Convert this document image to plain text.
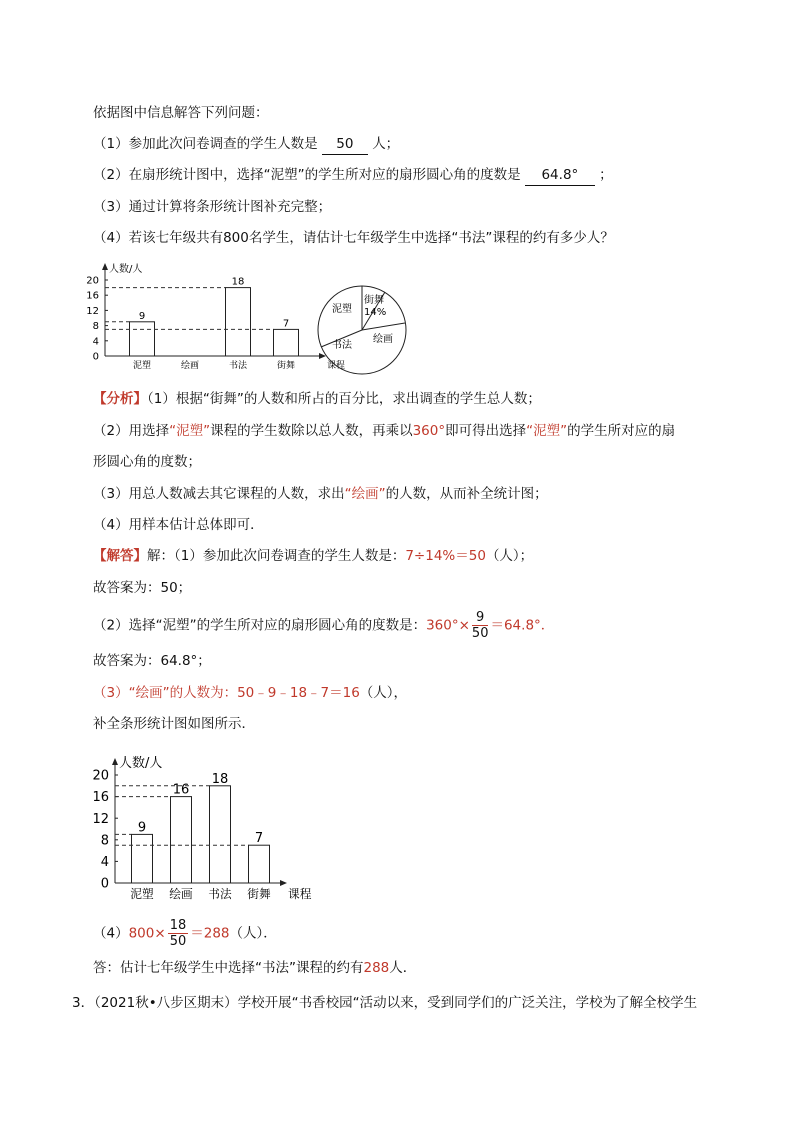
依据图中信息解答下列问题：
（1）参加此次问卷调查的学生人数是 50 人；
（2）在扇形统计图中，选择“泥塑”的学生所对应的扇形圆心角的度数是 64.8° ；
（3）通过计算将条形统计图补充完整；
（4）若该七年级共有800名学生，请估计七年级学生中选择“书法”课程的约有多少人？
0
4
8
12
16
20
人数/人
课程
9
泥塑	绘画
18
书法
7
街舞
泥塑
街舞
14%
绘画
书法
【分析】（1）根据“街舞”的人数和所占的百分比，求出调查的学生总人数；
（2）用选择“泥塑”课程的学生数除以总人数，再乘以360°即可得出选择“泥塑”的学生所对应的扇
形圆心角的度数；
（3）用总人数减去其它课程的人数，求出“绘画”的人数，从而补全统计图；
（4）用样本估计总体即可．
【解答】解：（1）参加此次问卷调查的学生人数是：7÷14%＝50（人）；
故答案为：50；
（2）选择“泥塑”的学生所对应的扇形圆心角的度数是：$360^\circ\times \frac{9}{50} =64.8^\circ$．
故答案为：64.8°；
（3）“绘画”的人数为：50﹣9﹣18﹣7＝16（人），
补全条形统计图如图所示．
0
4
8
12
16
20
人数/人
课程
9
泥塑
16
绘画
18
书法
7
街舞
$(4)800\times \frac{18}{50} =288$（人）．
答：估计七年级学生中选择“书法”课程的约有288人．
3．（2021秋•八步区期末）学校开展“书香校园“活动以来，受到同学们的广泛关注，学校为了解全校学生
